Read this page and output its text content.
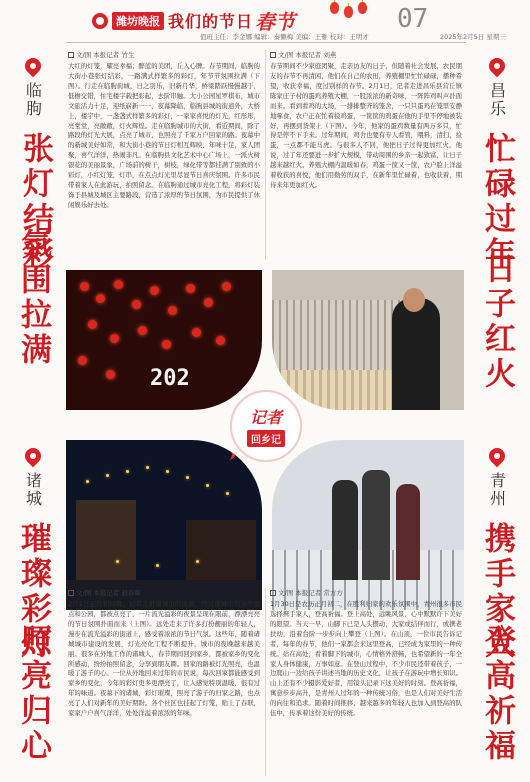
潍坊晚报 我们的节日 春节	07
值班主任：李金娜 编辑：秦懒梅 美编：王雅 校对：王明才	2025年2月5日 星期三
临朐
张灯结彩
氛围拉满
昌乐
忙碌过年
日子红火
诸城
璀璨彩灯
照亮归心
青州
携手家人
登高祈福
文/图 本报记者 竹生
大红的灯笼，耀亮幸福；醉蓝的美团，丘入心脾。春节期间，临朐的大街小巷张灯结彩，一路满式样繁多的彩灯，年节节氛围拉满（下图）。行走在临朐街城，日之羽乐，旧新月华，桥梁踏跃慢慢越于，低檐交错，住宅楼字载把彩起，去阶串触。大小公园星罗棋布，城市文旅活力十足，迎纸崭新一一，夜幕降临，临朐县城的街道外，大桥上，楼宇中，一盏盏式样繁多的彩灯，一家家喜悦的灯光，红彤彤，亮堂堂，亮敞敞，灯火辉煌。走在临朐城市的大街，看近期间，除了路段的灯光大展，点亮了城市，也照亮了千家万户回家的路。夜幕中的新城美好如常，和大街小巷的节日灯相互辉映，年味十足，家人团聚，喜气洋洋，热闹非凡。在临朐县文化艺术中心广场上，一派火树银花的美丽景象，广场前的树干，树枝，绿化带等都挂满了别致的小彩灯，小红灯笼，灯串，在点点灯光里尽显节日喜庆氛围。许多市民带着家人在此游玩，拍照留念。在临朐通过城市亮化工程，将彩灯装饰于县城及城区主要路段，营造了浓厚的节日氛围，为市民提供了休闲娱乐好去处。
文/图 本报记者 刘燕
春节期间不少家庭团聚，走亲访友的日子，但随着社会发展，农民朋友的春节不再清闲，他们在自己的农田，养殖棚里忙忙碌碌，播种希望，收获幸福，度过别样的春节。2月1日，记者走进昌乐县营丘镇陈家庄子村的蛋鸡养殖大棚，一股浓浓的新奇味，一阵阵鸡叫声扑面而来。看到看鸡的大场，一排排整齐的笼舍，一只只蛋鸡在笼里安静地啄食，农户正在忙着捡鸡蛋，一筐筐的鸡蛋在他的手里不停地被装好，再摆到货架上（下图）。今年，他家的蛋鸡数量有两万多只，忙得是停不下手来。过年期间，鸡舍也要有专人看管，喂料，清扫，捡蛋，一点都不能马虎。与很多人不同，他把日子过得更加红火，他说，过了年还要进一步扩大规模，带动周围的乡亲一起致富，让日子越来越红火。养殖大棚内温暖如春，鸡蛋一筐又一筐，农户脸上洋溢着收获的喜悦，他们用勤劳的双手，在新年里忙碌着，也收获着，期待来年更加红火。
202
记者
回乡记
文/图 本报记者 赵春晖
2月1日正月初四晚，记者走进诸城市的街道，经过诸城市的各个景点和公园，都被点亮了，一片流光溢彩的夜景呈现在眼前，漂漂亮亮的节日氛围扑面而来（上图）。远处走来了许多打扮靓丽的年轻人，漫步在流光溢彩的街道上，感受着浓浓的节日气氛。这些年，随着诸城城市建设的发展，灯光亮化工程不断提升，城市的夜晚越来越美丽。很多在外地工作的诸城人，春节期间回到家乡，都被家乡的变化所感动，纷纷拍照留念，分享到朋友圈。回家的路被灯光照亮，也温暖了游子的心。一位从外地回来过年的市民说，每次回家都能感受到家乡的变化，今年的彩灯更多更漂亮了，让人感觉特别温暖，很有过年的味道。夜幕下的诸城，彩灯璀璨，照亮了游子的归家之路，也点亮了人们对新年的美好期盼。各个社区也挂起了灯笼，贴上了春联，家家户户喜气洋洋，处处洋溢着浓浓的年味。
文/图 本报记者 常方方
1月30日是农历正月初二，在胜利归家的欢乐氛围中，青州很多市民选择携手家人，登高祈福。登上高处，远眺风景，心中默默许下美好的愿望。当天一早，山脚下已是人头攒动，大家或结伴而行，或携老扶幼，沿着台阶一步步向上攀登（上图）。在山顶，一位市民告诉记者，每年的春节，他们一家都会来这里登高，已经成为家里的一种传统。站在高处，看着脚下的城市，心情格外舒畅，也希望新的一年全家人身体健康，万事如意。在登山过程中，不少市民还带着孩子，一边爬山一边给孩子讲述当地的历史文化，让孩子在游玩中增长知识。山上还有不少摄影爱好者，用镜头记录下这美好的时刻。登高祈福，寓意步步高升，是青州人过年的一种传统习俗，也是人们对美好生活的向往和追求。随着时间推移，越来越多的年轻人也加入到登高的队伍中，传承着这份美好的传统。
